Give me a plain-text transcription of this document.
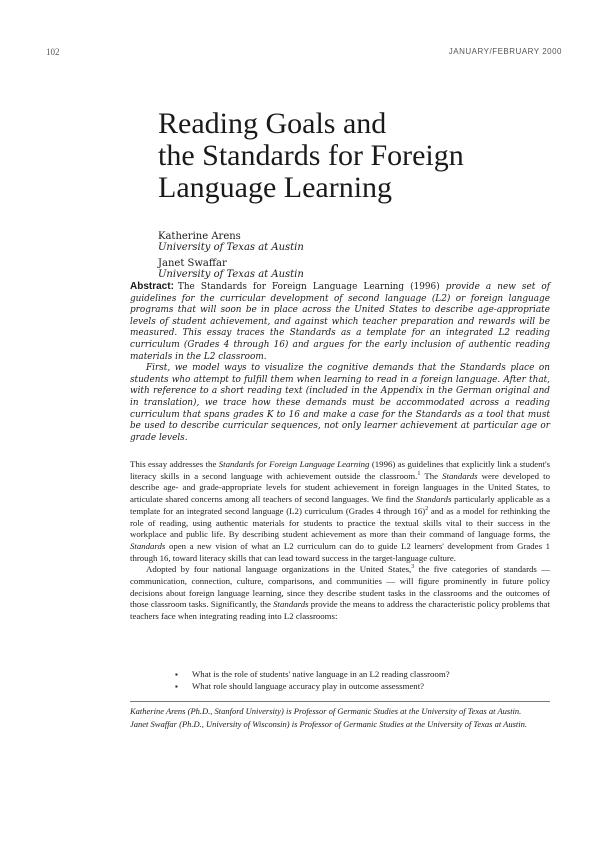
102	JANUARY/FEBRUARY 2000
Reading Goals and
the Standards for Foreign
Language Learning
Katherine Arens
University of Texas at Austin
Janet Swaffar
University of Texas at Austin

Abstract: The Standards for Foreign Language Learning (1996) provide a new set of guidelines for the curricular development of second language (L2) or foreign language programs that will soon be in place across the United States to describe age-appropriate levels of student achievement, and against which teacher preparation and rewards will be measured. This essay traces the Standards as a template for an integrated L2 reading curriculum (Grades 4 through 16) and argues for the early inclusion of authentic reading materials in the L2 classroom.

First, we model ways to visualize the cognitive demands that the Standards place on students who attempt to fulfill them when learning to read in a foreign language. After that, with reference to a short reading text (included in the Appendix in the German original and in translation), we trace how these demands must be accommodated across a reading curriculum that spans grades K to 16 and make a case for the Standards as a tool that must be used to describe curricular sequences, not only learner achievement at particular age or grade levels.

This essay addresses the Standards for Foreign Language Learning (1996) as guidelines that explicitly link a student's literacy skills in a second language with achievement outside the classroom.$^1$ The Standards were developed to describe age- and grade-appropriate levels for student achievement in foreign languages in the United States, to articulate shared concerns among all teachers of second languages. We find the Standards particularly applicable as a template for an integrated second language (L2) curriculum (Grades 4 through 16)$^2$ and as a model for rethinking the role of reading, using authentic materials for students to practice the textual skills vital to their success in the workplace and public life. By describing student achievement as more than their command of language forms, the Standards open a new vision of what an L2 curriculum can do to guide L2 learners' development from Grades 1 through 16, toward literacy skills that can lead toward success in the target-language culture.

Adopted by four national language organizations in the United States,$^3$ the five categories of standards — communication, connection, culture, comparisons, and communities — will figure prominently in future policy decisions about foreign language learning, since they describe student tasks in the classrooms and the outcomes of those classroom tasks. Significantly, the Standards provide the means to address the characteristic policy problems that teachers face when integrating reading into L2 classrooms:

▪ What is the role of students' native language in an L2 reading classroom?
▪ What role should language accuracy play in outcome assessment?

Katherine Arens (Ph.D., Stanford University) is Professor of Germanic Studies at the University of Texas at Austin.

Janet Swaffar (Ph.D., University of Wisconsin) is Professor of Germanic Studies at the University of Texas at Austin.
